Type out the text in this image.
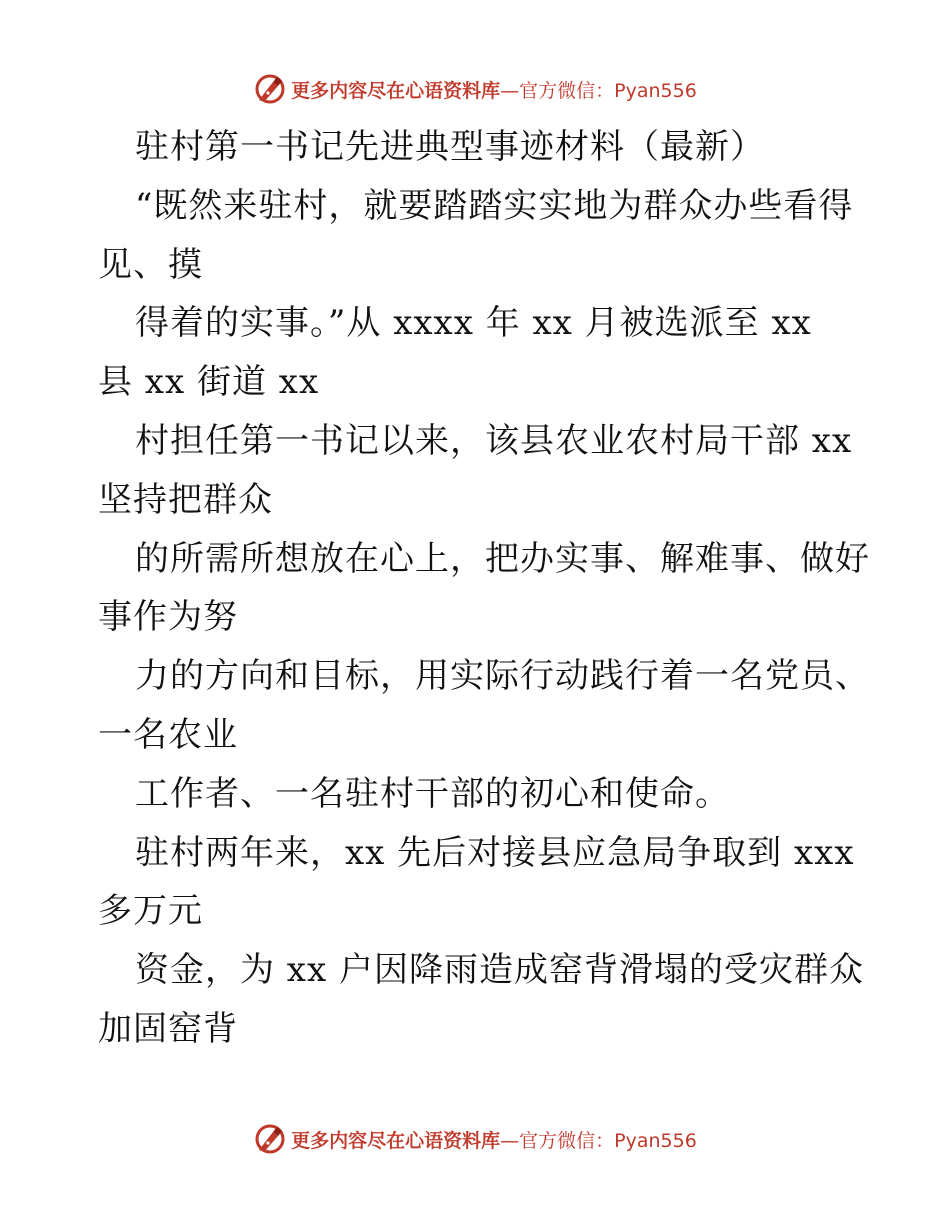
更多内容尽在心语资料库 —官方微信：Pyan556
驻村第一书记先进典型事迹材料（最新）
“既然来驻村，就要踏踏实实地为群众办些看得
见、摸
得着的实事。”从 xxxx 年 xx 月被选派至 xx
县 xx 街道 xx
村担任第一书记以来，该县农业农村局干部 xx
坚持把群众
的所需所想放在心上，把办实事、解难事、做好
事作为努
力的方向和目标，用实际行动践行着一名党员、
一名农业
工作者、一名驻村干部的初心和使命。
驻村两年来，xx 先后对接县应急局争取到 xxx
多万元
资金，为 xx 户因降雨造成窑背滑塌的受灾群众
加固窑背
更多内容尽在心语资料库 —官方微信：Pyan556
